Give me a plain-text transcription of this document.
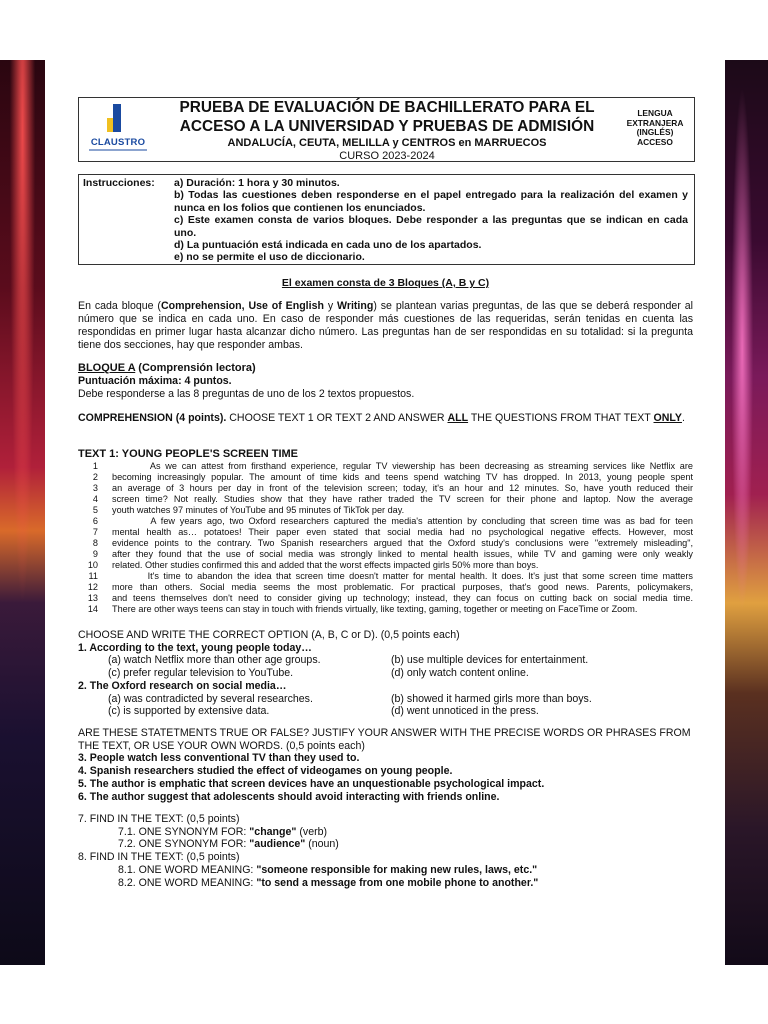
CLAUSTRO
PRUEBA DE EVALUACIÓN DE BACHILLERATO PARA EL
ACCESO A LA UNIVERSIDAD Y PRUEBAS DE ADMISIÓN
ANDALUCÍA, CEUTA, MELILLA y CENTROS en MARRUECOS
CURSO 2023-2024
LENGUA
EXTRANJERA
(INGLÉS)
ACCESO
Instrucciones: a) Duración: 1 hora y 30 minutos.
b) Todas las cuestiones deben responderse en el papel entregado para la realización del examen y nunca en los folios que contienen los enunciados.
c) Este examen consta de varios bloques. Debe responder a las preguntas que se indican en cada uno.
d) La puntuación está indicada en cada uno de los apartados.
e) no se permite el uso de diccionario.
El examen consta de 3 Bloques (A, B y C)
En cada bloque (Comprehension, Use of English y Writing) se plantean varias preguntas, de las que se deberá responder al número que se indica en cada uno. En caso de responder más cuestiones de las requeridas, serán tenidas en cuenta las respondidas en primer lugar hasta alcanzar dicho número. Las preguntas han de ser respondidas en su totalidad: si la pregunta tiene dos secciones, hay que responder ambas.
BLOQUE A (Comprensión lectora)
Puntuación máxima: 4 puntos.
Debe responderse a las 8 preguntas de uno de los 2 textos propuestos.
COMPREHENSION (4 points). CHOOSE TEXT 1 OR TEXT 2 AND ANSWER ALL THE QUESTIONS FROM THAT TEXT ONLY.
TEXT 1: YOUNG PEOPLE'S SCREEN TIME
1	As we can attest from firsthand experience, regular TV viewership has been decreasing as streaming services like Netflix are
2	becoming increasingly popular. The amount of time kids and teens spend watching TV has dropped. In 2013, young people spent
3	an average of 3 hours per day in front of the television screen; today, it's an hour and 12 minutes. So, have youth reduced their
4	screen time? Not really. Studies show that they have rather traded the TV screen for their phone and laptop. Now the average
5	youth watches 97 minutes of YouTube and 95 minutes of TikTok per day.
6	A few years ago, two Oxford researchers captured the media's attention by concluding that screen time was as bad for teen
7	mental health as… potatoes! Their paper even stated that social media had no psychological negative effects. However, most
8	evidence points to the contrary. Two Spanish researchers argued that the Oxford study's conclusions were "extremely misleading",
9	after they found that the use of social media was strongly linked to mental health issues, while TV and gaming were only weakly
10	related. Other studies confirmed this and added that the worst effects impacted girls 50% more than boys.
11	It's time to abandon the idea that screen time doesn't matter for mental health. It does. It's just that some screen time matters
12	more than others. Social media seems the most problematic. For practical purposes, that's good news. Parents, policymakers,
13	and teens themselves don't need to consider giving up technology; instead, they can focus on cutting back on social media time.
14	There are other ways teens can stay in touch with friends virtually, like texting, gaming, together or meeting on FaceTime or Zoom.
CHOOSE AND WRITE THE CORRECT OPTION (A, B, C or D). (0,5 points each)
1. According to the text, young people today…
(a) watch Netflix more than other age groups.	(b) use multiple devices for entertainment.
(c) prefer regular television to YouTube.	(d) only watch content online.
2. The Oxford research on social media…
(a) was contradicted by several researches.	(b) showed it harmed girls more than boys.
(c) is supported by extensive data.	(d) went unnoticed in the press.
ARE THESE STATETMENTS TRUE OR FALSE? JUSTIFY YOUR ANSWER WITH THE PRECISE WORDS OR PHRASES FROM THE TEXT, OR USE YOUR OWN WORDS. (0,5 points each)
3. People watch less conventional TV than they used to.
4. Spanish researchers studied the effect of videogames on young people.
5. The author is emphatic that screen devices have an unquestionable psychological impact.
6. The author suggest that adolescents should avoid interacting with friends online.
7. FIND IN THE TEXT: (0,5 points)
7.1. ONE SYNONYM FOR: "change" (verb)
7.2. ONE SYNONYM FOR: "audience" (noun)
8. FIND IN THE TEXT: (0,5 points)
8.1. ONE WORD MEANING: "someone responsible for making new rules, laws, etc."
8.2. ONE WORD MEANING: "to send a message from one mobile phone to another."
